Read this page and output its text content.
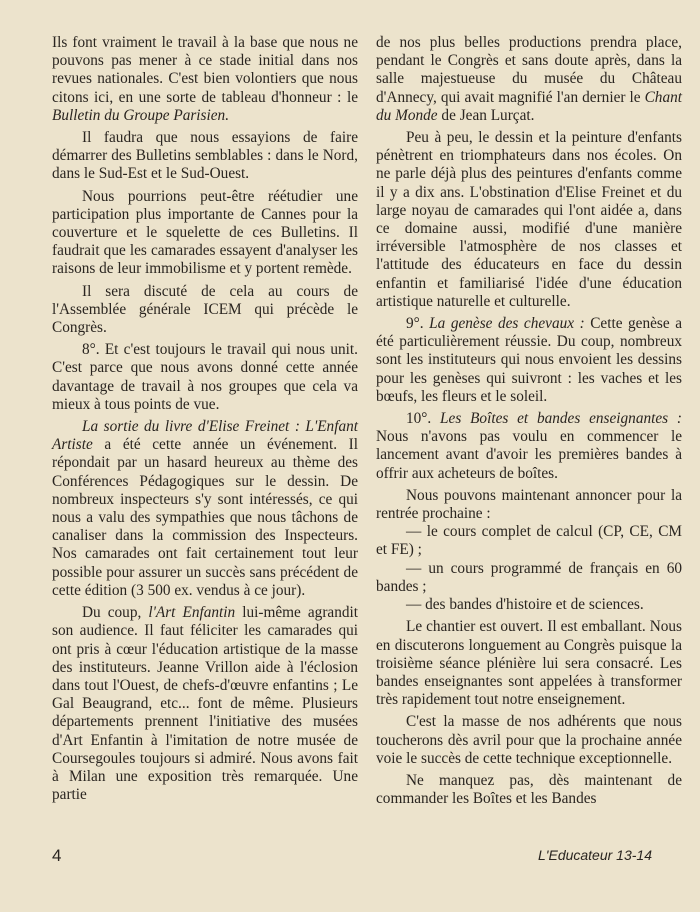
Ils font vraiment le travail à la base que nous ne pouvons pas mener à ce stade initial dans nos revues nationales. C'est bien volontiers que nous citons ici, en une sorte de tableau d'honneur : le Bulletin du Groupe Parisien.

Il faudra que nous essayions de faire démarrer des Bulletins semblables : dans le Nord, dans le Sud-Est et le Sud-Ouest.

Nous pourrions peut-être réétudier une participation plus importante de Cannes pour la couverture et le squelette de ces Bulletins. Il faudrait que les camarades essayent d'analyser les raisons de leur immobilisme et y portent remède.

Il sera discuté de cela au cours de l'Assemblée générale ICEM qui précède le Congrès.

8°. Et c'est toujours le travail qui nous unit. C'est parce que nous avons donné cette année davantage de travail à nos groupes que cela va mieux à tous points de vue.

La sortie du livre d'Elise Freinet : L'Enfant Artiste a été cette année un événement. Il répondait par un hasard heureux au thème des Conférences Pédagogiques sur le dessin. De nombreux inspecteurs s'y sont intéressés, ce qui nous a valu des sympathies que nous tâchons de canaliser dans la commission des Inspecteurs. Nos camarades ont fait certainement tout leur possible pour assurer un succès sans précédent de cette édition (3 500 ex. vendus à ce jour).

Du coup, l'Art Enfantin lui-même agrandit son audience. Il faut féliciter les camarades qui ont pris à cœur l'éducation artistique de la masse des instituteurs. Jeanne Vrillon aide à l'éclosion dans tout l'Ouest, de chefs-d'œuvre enfantins ; Le Gal Beaugrand, etc... font de même. Plusieurs départements prennent l'initiative des musées d'Art Enfantin à l'imitation de notre musée de Coursegoules toujours si admiré. Nous avons fait à Milan une exposition très remarquée. Une partie

de nos plus belles productions prendra place, pendant le Congrès et sans doute après, dans la salle majestueuse du musée du Château d'Annecy, qui avait magnifié l'an dernier le Chant du Monde de Jean Lurçat.

Peu à peu, le dessin et la peinture d'enfants pénètrent en triomphateurs dans nos écoles. On ne parle déjà plus des peintures d'enfants comme il y a dix ans. L'obstination d'Elise Freinet et du large noyau de camarades qui l'ont aidée a, dans ce domaine aussi, modifié d'une manière irréversible l'atmosphère de nos classes et l'attitude des éducateurs en face du dessin enfantin et familiarisé l'idée d'une éducation artistique naturelle et culturelle.

9°. La genèse des chevaux : Cette genèse a été particulièrement réussie. Du coup, nombreux sont les instituteurs qui nous envoient les dessins pour les genèses qui suivront : les vaches et les bœufs, les fleurs et le soleil.

10°. Les Boîtes et bandes enseignantes : Nous n'avons pas voulu en commencer le lancement avant d'avoir les premières bandes à offrir aux acheteurs de boîtes.

Nous pouvons maintenant annoncer pour la rentrée prochaine :

— le cours complet de calcul (CP, CE, CM et FE) ;

— un cours programmé de français en 60 bandes ;

— des bandes d'histoire et de sciences.

Le chantier est ouvert. Il est emballant. Nous en discuterons longuement au Congrès puisque la troisième séance plénière lui sera consacré. Les bandes enseignantes sont appelées à transformer très rapidement tout notre enseignement.

C'est la masse de nos adhérents que nous toucherons dès avril pour que la prochaine année voie le succès de cette technique exceptionnelle.

Ne manquez pas, dès maintenant de commander les Boîtes et les Bandes

4	L'Educateur 13-14
